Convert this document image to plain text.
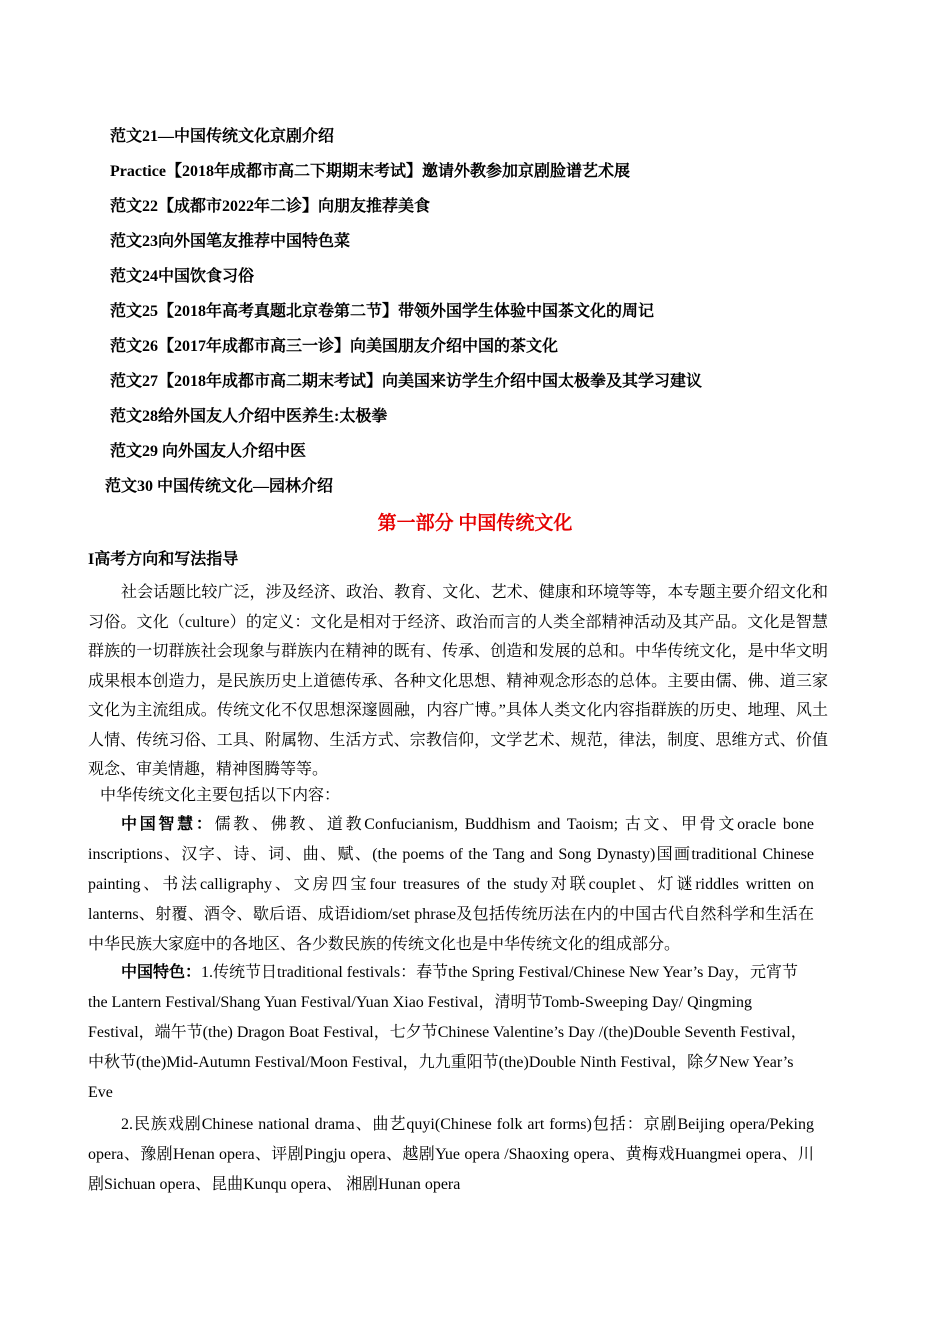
范文21—中国传统文化京剧介绍
Practice【2018年成都市高二下期期末考试】邀请外教参加京剧脸谱艺术展
范文22【成都市2022年二诊】向朋友推荐美食
范文23向外国笔友推荐中国特色菜
范文24中国饮食习俗
范文25【2018年高考真题北京卷第二节】带领外国学生体验中国茶文化的周记
范文26【2017年成都市高三一诊】向美国朋友介绍中国的茶文化
范文27【2018年成都市高二期末考试】向美国来访学生介绍中国太极拳及其学习建议
范文28给外国友人介绍中医养生:太极拳
范文29 向外国友人介绍中医
范文30 中国传统文化—园林介绍
第一部分 中国传统文化
I高考方向和写法指导
社会话题比较广泛，涉及经济、政治、教育、文化、艺术、健康和环境等等，本专题主要介绍文化和习俗。文化（culture）的定义：文化是相对于经济、政治而言的人类全部精神活动及其产品。文化是智慧群族的一切群族社会现象与群族内在精神的既有、传承、创造和发展的总和。中华传统文化，是中华文明成果根本创造力，是民族历史上道德传承、各种文化思想、精神观念形态的总体。主要由儒、佛、道三家文化为主流组成。传统文化不仅思想深邃圆融，内容广博。”具体人类文化内容指群族的历史、地理、风土人情、传统习俗、工具、附属物、生活方式、宗教信仰，文学艺术、规范，律法，制度、思维方式、价值观念、审美情趣，精神图腾等等。
中华传统文化主要包括以下内容：
中国智慧：儒教、佛教、道教Confucianism, Buddhism and Taoism; 古文、甲骨文oracle bone inscriptions、汉字、诗、词、曲、赋、(the poems of the Tang and Song Dynasty)国画traditional Chinese painting、书法calligraphy、文房四宝four treasures of the study对联couplet、灯谜riddles written on lanterns、射覆、酒令、歇后语、成语idiom/set phrase及包括传统历法在内的中国古代自然科学和生活在中华民族大家庭中的各地区、各少数民族的传统文化也是中华传统文化的组成部分。
中国特色：1.传统节日traditional festivals：春节the Spring Festival/Chinese New Year’s Day，元宵节the Lantern Festival/Shang Yuan Festival/Yuan Xiao Festival，清明节Tomb-Sweeping Day/ Qingming Festival，端午节(the) Dragon Boat Festival，七夕节Chinese Valentine’s Day /(the)Double Seventh Festival，中秋节(the)Mid-Autumn Festival/Moon Festival，九九重阳节(the)Double Ninth Festival，除夕New Year’s Eve
2.民族戏剧Chinese national drama、曲艺quyi(Chinese folk art forms)包括：京剧Beijing opera/Peking opera、豫剧Henan opera、评剧Pingju opera、越剧Yue opera /Shaoxing opera、黄梅戏Huangmei opera、川剧Sichuan opera、昆曲Kunqu opera、 湘剧Hunan opera
